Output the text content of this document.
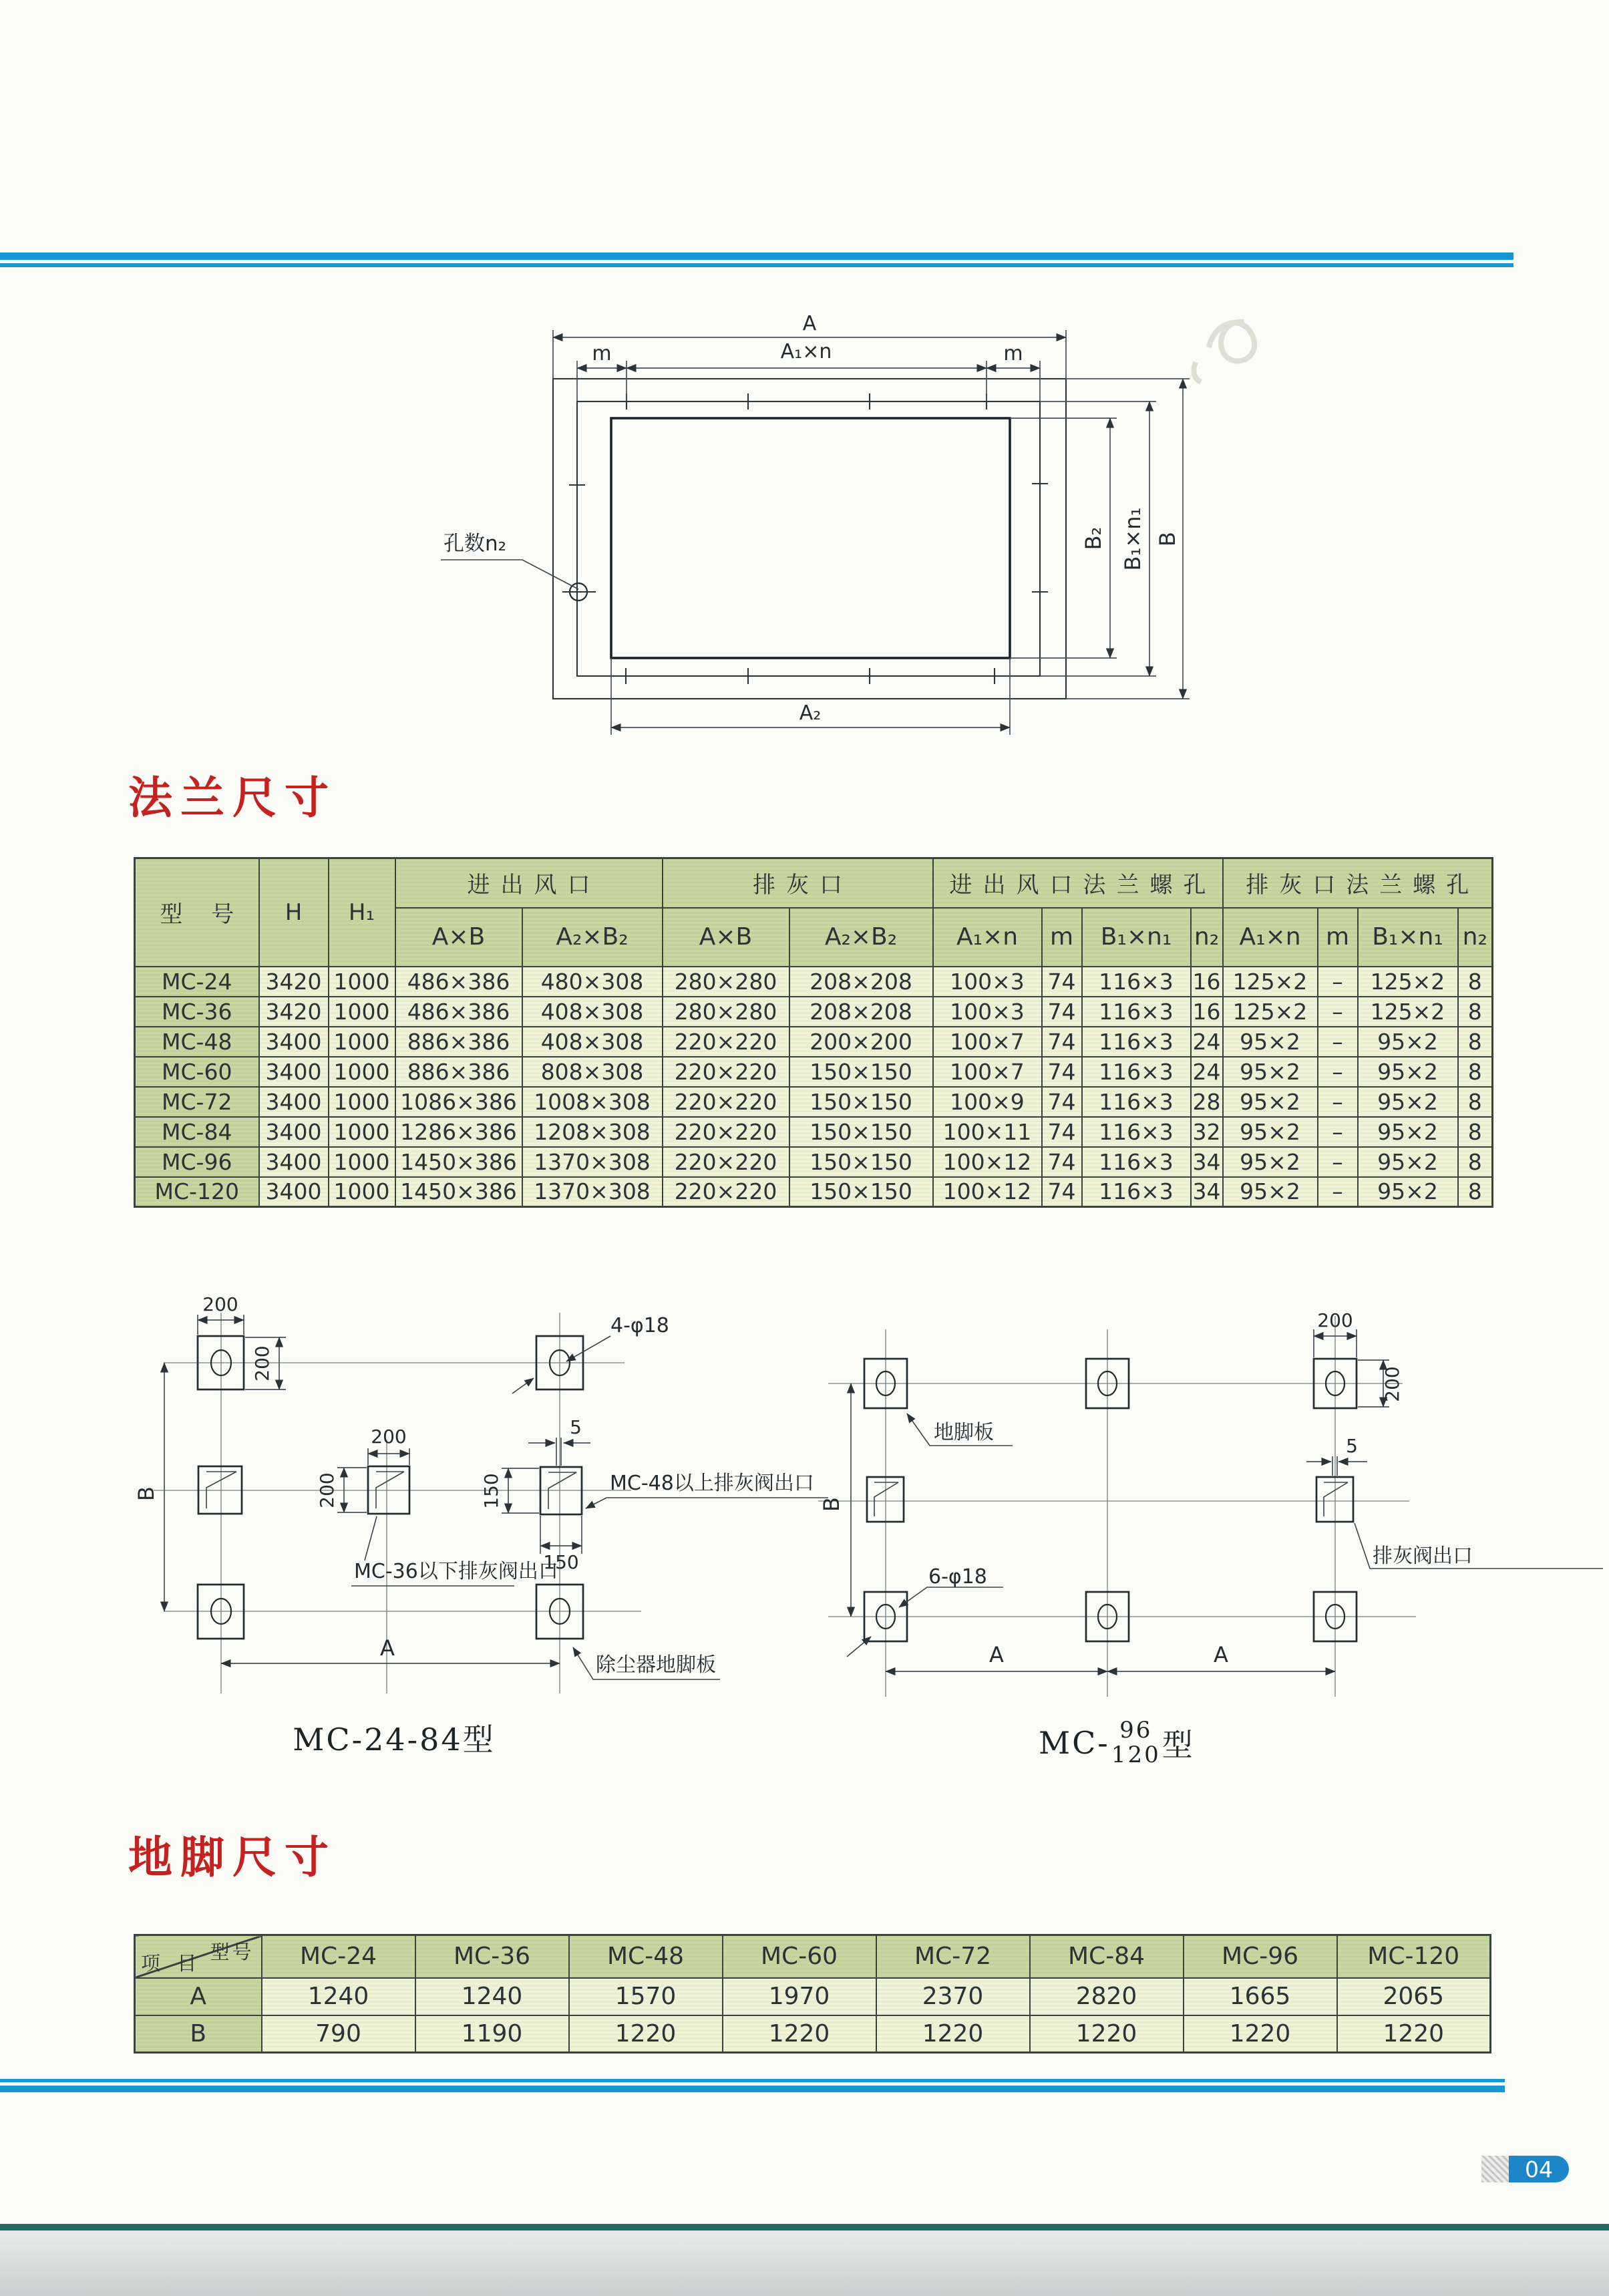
A
m	A₁×n	m
B₂ B₁×n₁ B
A₂
孔数n₂
法兰尺寸
型 号	H	H₁	进出风口		排灰口		进出风口法兰螺孔				排灰口法兰螺孔			
			A×B	A₂×B₂	A×B	A₂×B₂	A₁×n	m	B₁×n₁	n₂	A₁×n	m	B₁×n₁	n₂
MC-24	3420	1000	486×386	480×308	280×280	208×208	100×3	74	116×3	16	125×2	–	125×2	8
MC-36	3420	1000	486×386	408×308	280×280	208×208	100×3	74	116×3	16	125×2	–	125×2	8
MC-48	3400	1000	886×386	408×308	220×220	200×200	100×7	74	116×3	24	95×2	–	95×2	8
MC-60	3400	1000	886×386	808×308	220×220	150×150	100×7	74	116×3	24	95×2	–	95×2	8
MC-72	3400	1000	1086×386	1008×308	220×220	150×150	100×9	74	116×3	28	95×2	–	95×2	8
MC-84	3400	1000	1286×386	1208×308	220×220	150×150	100×11	74	116×3	32	95×2	–	95×2	8
MC-96	3400	1000	1450×386	1370×308	220×220	150×150	100×12	74	116×3	34	95×2	–	95×2	8
MC-120	3400	1000	1450×386	1370×308	220×220	150×150	100×12	74	116×3	34	95×2	–	95×2	8
200
200
200
200
5
150
150
B
A
4-φ18
MC-48以上排灰阀出口
MC-36以下排灰阀出口
除尘器地脚板
200
200
5
B
A	A
地脚板
排灰阀出口
6-φ18
MC-24-84型	MC- 96
120 型
地脚尺寸
型号
项 目	MC-24	MC-36	MC-48	MC-60	MC-72	MC-84	MC-96	MC-120
A	1240	1240	1570	1970	2370	2820	1665	2065
B	790	1190	1220	1220	1220	1220	1220	1220
04
